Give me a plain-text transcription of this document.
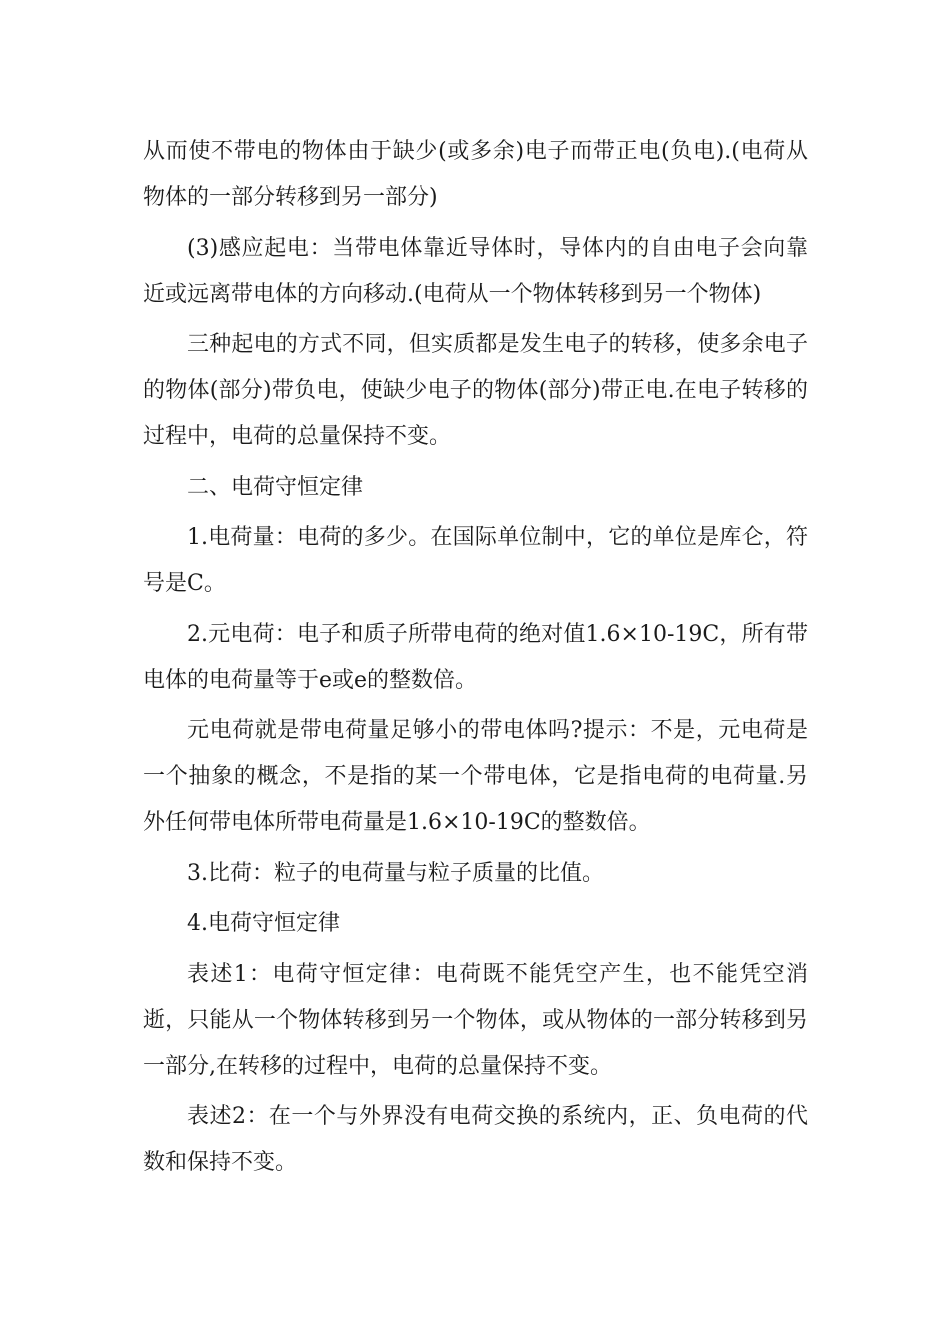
从而使不带电的物体由于缺少(或多余)电子而带正电(负电).(电荷从物体的一部分转移到另一部分)

(3)感应起电：当带电体靠近导体时，导体内的自由电子会向靠近或远离带电体的方向移动.(电荷从一个物体转移到另一个物体)

三种起电的方式不同，但实质都是发生电子的转移，使多余电子的物体(部分)带负电，使缺少电子的物体(部分)带正电.在电子转移的过程中，电荷的总量保持不变。

二、电荷守恒定律

1.电荷量：电荷的多少。在国际单位制中，它的单位是库仑，符号是C。

2.元电荷：电子和质子所带电荷的绝对值1.6×10-19C，所有带电体的电荷量等于e或e的整数倍。

元电荷就是带电荷量足够小的带电体吗?提示：不是，元电荷是一个抽象的概念，不是指的某一个带电体，它是指电荷的电荷量.另外任何带电体所带电荷量是1.6×10-19C的整数倍。

3.比荷：粒子的电荷量与粒子质量的比值。

4.电荷守恒定律

表述1：电荷守恒定律：电荷既不能凭空产生，也不能凭空消逝，只能从一个物体转移到另一个物体，或从物体的一部分转移到另一部分,在转移的过程中，电荷的总量保持不变。

表述2：在一个与外界没有电荷交换的系统内，正、负电荷的代数和保持不变。
